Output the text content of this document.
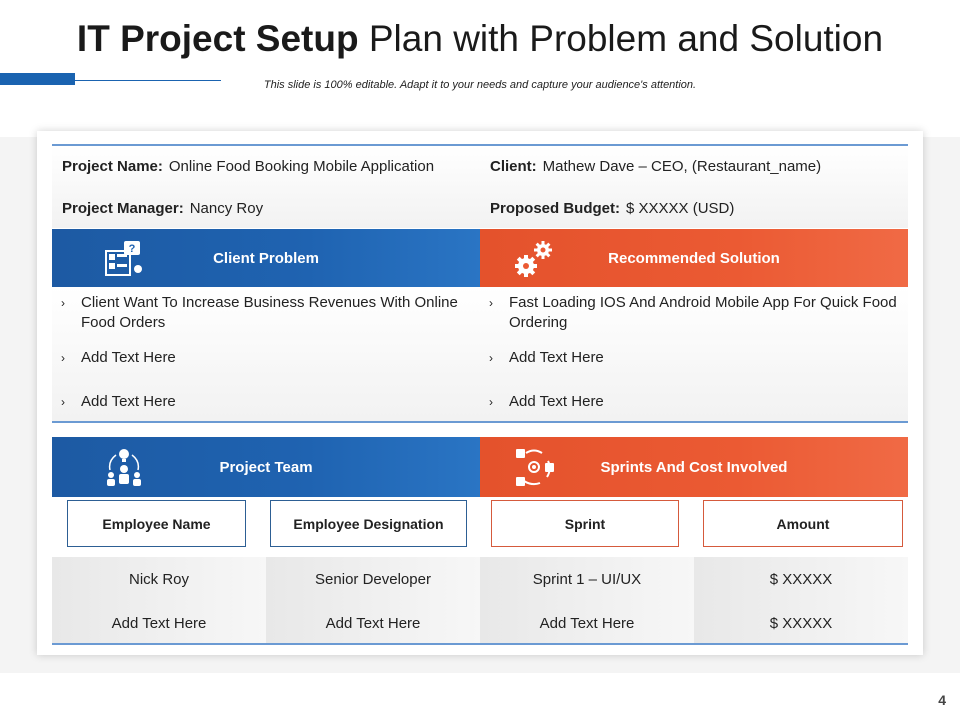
IT Project Setup Plan with Problem and Solution
This slide is 100% editable. Adapt it to your needs and capture your audience's attention.
Project Name: Online Food Booking Mobile Application	Client: Mathew Dave – CEO, (Restaurant_name)
Project Manager: Nancy Roy	Proposed Budget: $ XXXXX (USD)
?
Client Problem	Recommended Solution
›	Client Want To Increase Business Revenues With Online Food Orders
›	Add Text Here
›	Add Text Here
›	Fast Loading IOS And Android Mobile App For Quick Food Ordering
›	Add Text Here
›	Add Text Here
Project Team	Sprints And Cost Involved
Employee Name	Employee Designation	Sprint	Amount
Nick Roy	Senior Developer	Sprint 1 – UI/UX	$ XXXXX
Add Text Here	Add Text Here	Add Text Here	$ XXXXX
4
